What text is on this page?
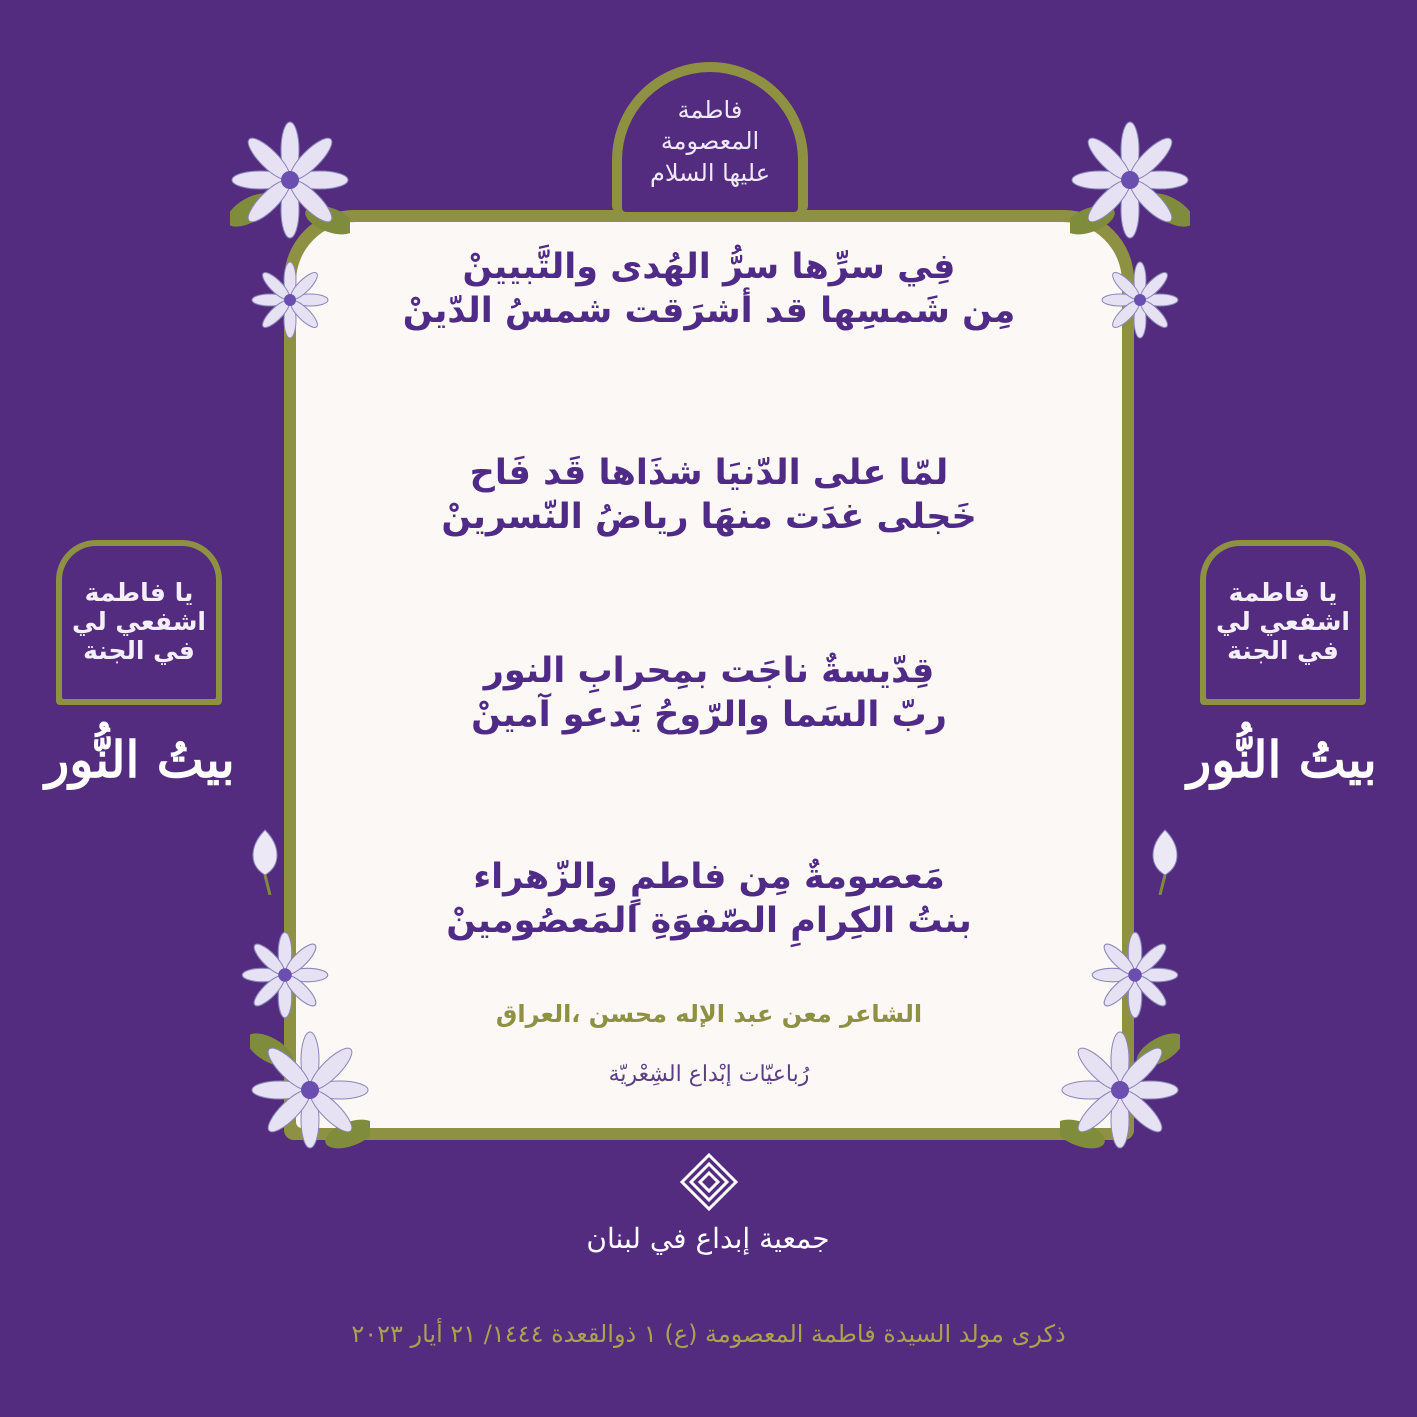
فاطمة المعصومة عليها السلام

فِي سرِّها سرُّ الهُدى والتَّبيينْ

مِن شَمسِها قد أشرَقت شمسُ الدّينْ

لمّا على الدّنيَا شذَاها قَد فَاح

خَجلى غدَت منهَا رياضُ النّسرينْ

قِدّيسةٌ ناجَت بمِحرابِ النور

ربّ السَما والرّوحُ يَدعو آمينْ

مَعصومةٌ مِن فاطمٍ والزّهراء

بنتُ الكِرامِ الصّفوَةِ المَعصُومينْ

الشاعر معن عبد الإله محسن ،العراق
رُباعيّات إبْداع الشِعْريّة
يا فاطمة اشفعي لي في الجنة
بيتُ النُّور
يا فاطمة اشفعي لي في الجنة
بيتُ النُّور
جمعية إبداع في لبنان
ذكرى مولد السيدة فاطمة المعصومة (ع) ١ ذوالقعدة ١٤٤٤/ ٢١ أيار ٢٠٢٣
